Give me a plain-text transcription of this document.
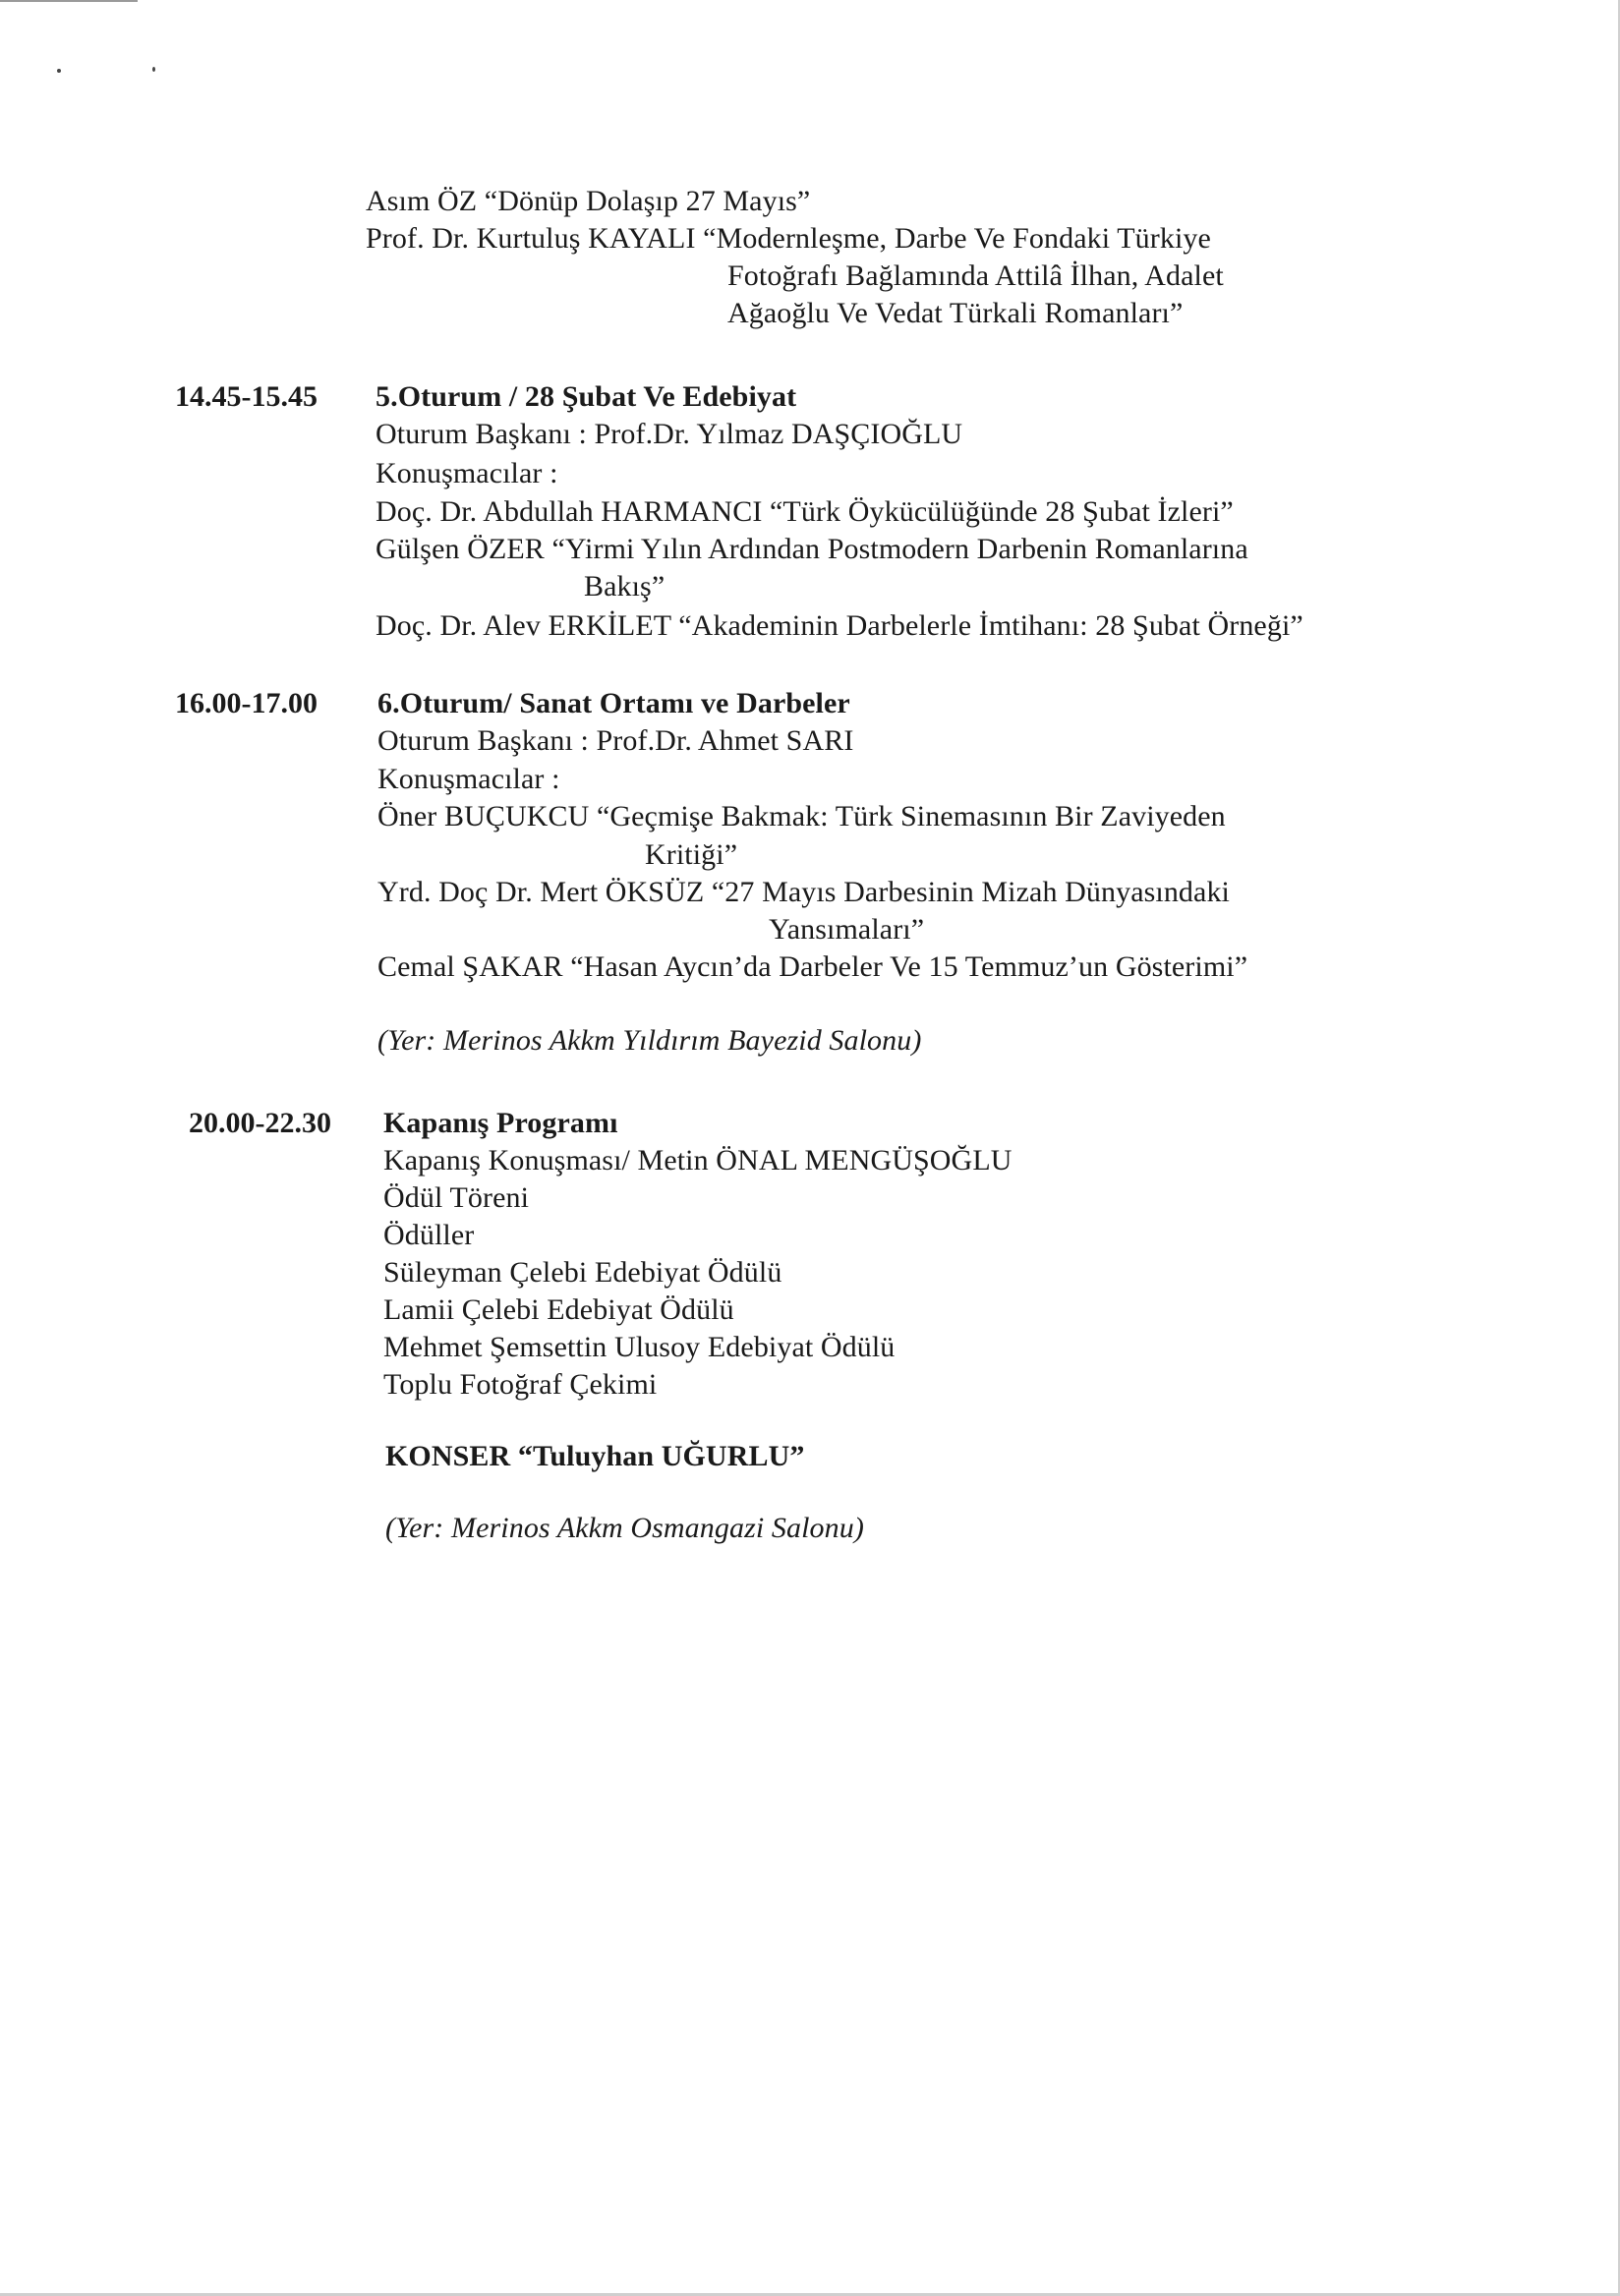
Asım ÖZ “Dönüp Dolaşıp 27 Mayıs”
Prof. Dr. Kurtuluş KAYALI “Modernleşme, Darbe Ve Fondaki Türkiye
Fotoğrafı Bağlamında Attilâ İlhan, Adalet
Ağaoğlu Ve Vedat Türkali Romanları”
14.45-15.45 5.Oturum / 28 Şubat Ve Edebiyat
Oturum Başkanı : Prof.Dr. Yılmaz DAŞÇIOĞLU
Konuşmacılar :
Doç. Dr. Abdullah HARMANCI “Türk Öykücülüğünde 28 Şubat İzleri”
Gülşen ÖZER “Yirmi Yılın Ardından Postmodern Darbenin Romanlarına
Bakış”
Doç. Dr. Alev ERKİLET “Akademinin Darbelerle İmtihanı: 28 Şubat Örneği”
16.00-17.00 6.Oturum/ Sanat Ortamı ve Darbeler
Oturum Başkanı : Prof.Dr. Ahmet SARI
Konuşmacılar :
Öner BUÇUKCU “Geçmişe Bakmak: Türk Sinemasının Bir Zaviyeden
Kritiği”
Yrd. Doç Dr. Mert ÖKSÜZ “27 Mayıs Darbesinin Mizah Dünyasındaki
Yansımaları”
Cemal ŞAKAR “Hasan Aycın’da Darbeler Ve 15 Temmuz’un Gösterimi”
(Yer: Merinos Akkm Yıldırım Bayezid Salonu)
20.00-22.30 Kapanış Programı
Kapanış Konuşması/ Metin ÖNAL MENGÜŞOĞLU
Ödül Töreni
Ödüller
Süleyman Çelebi Edebiyat Ödülü
Lamii Çelebi Edebiyat Ödülü
Mehmet Şemsettin Ulusoy Edebiyat Ödülü
Toplu Fotoğraf Çekimi
KONSER “Tuluyhan UĞURLU”
(Yer: Merinos Akkm Osmangazi Salonu)
